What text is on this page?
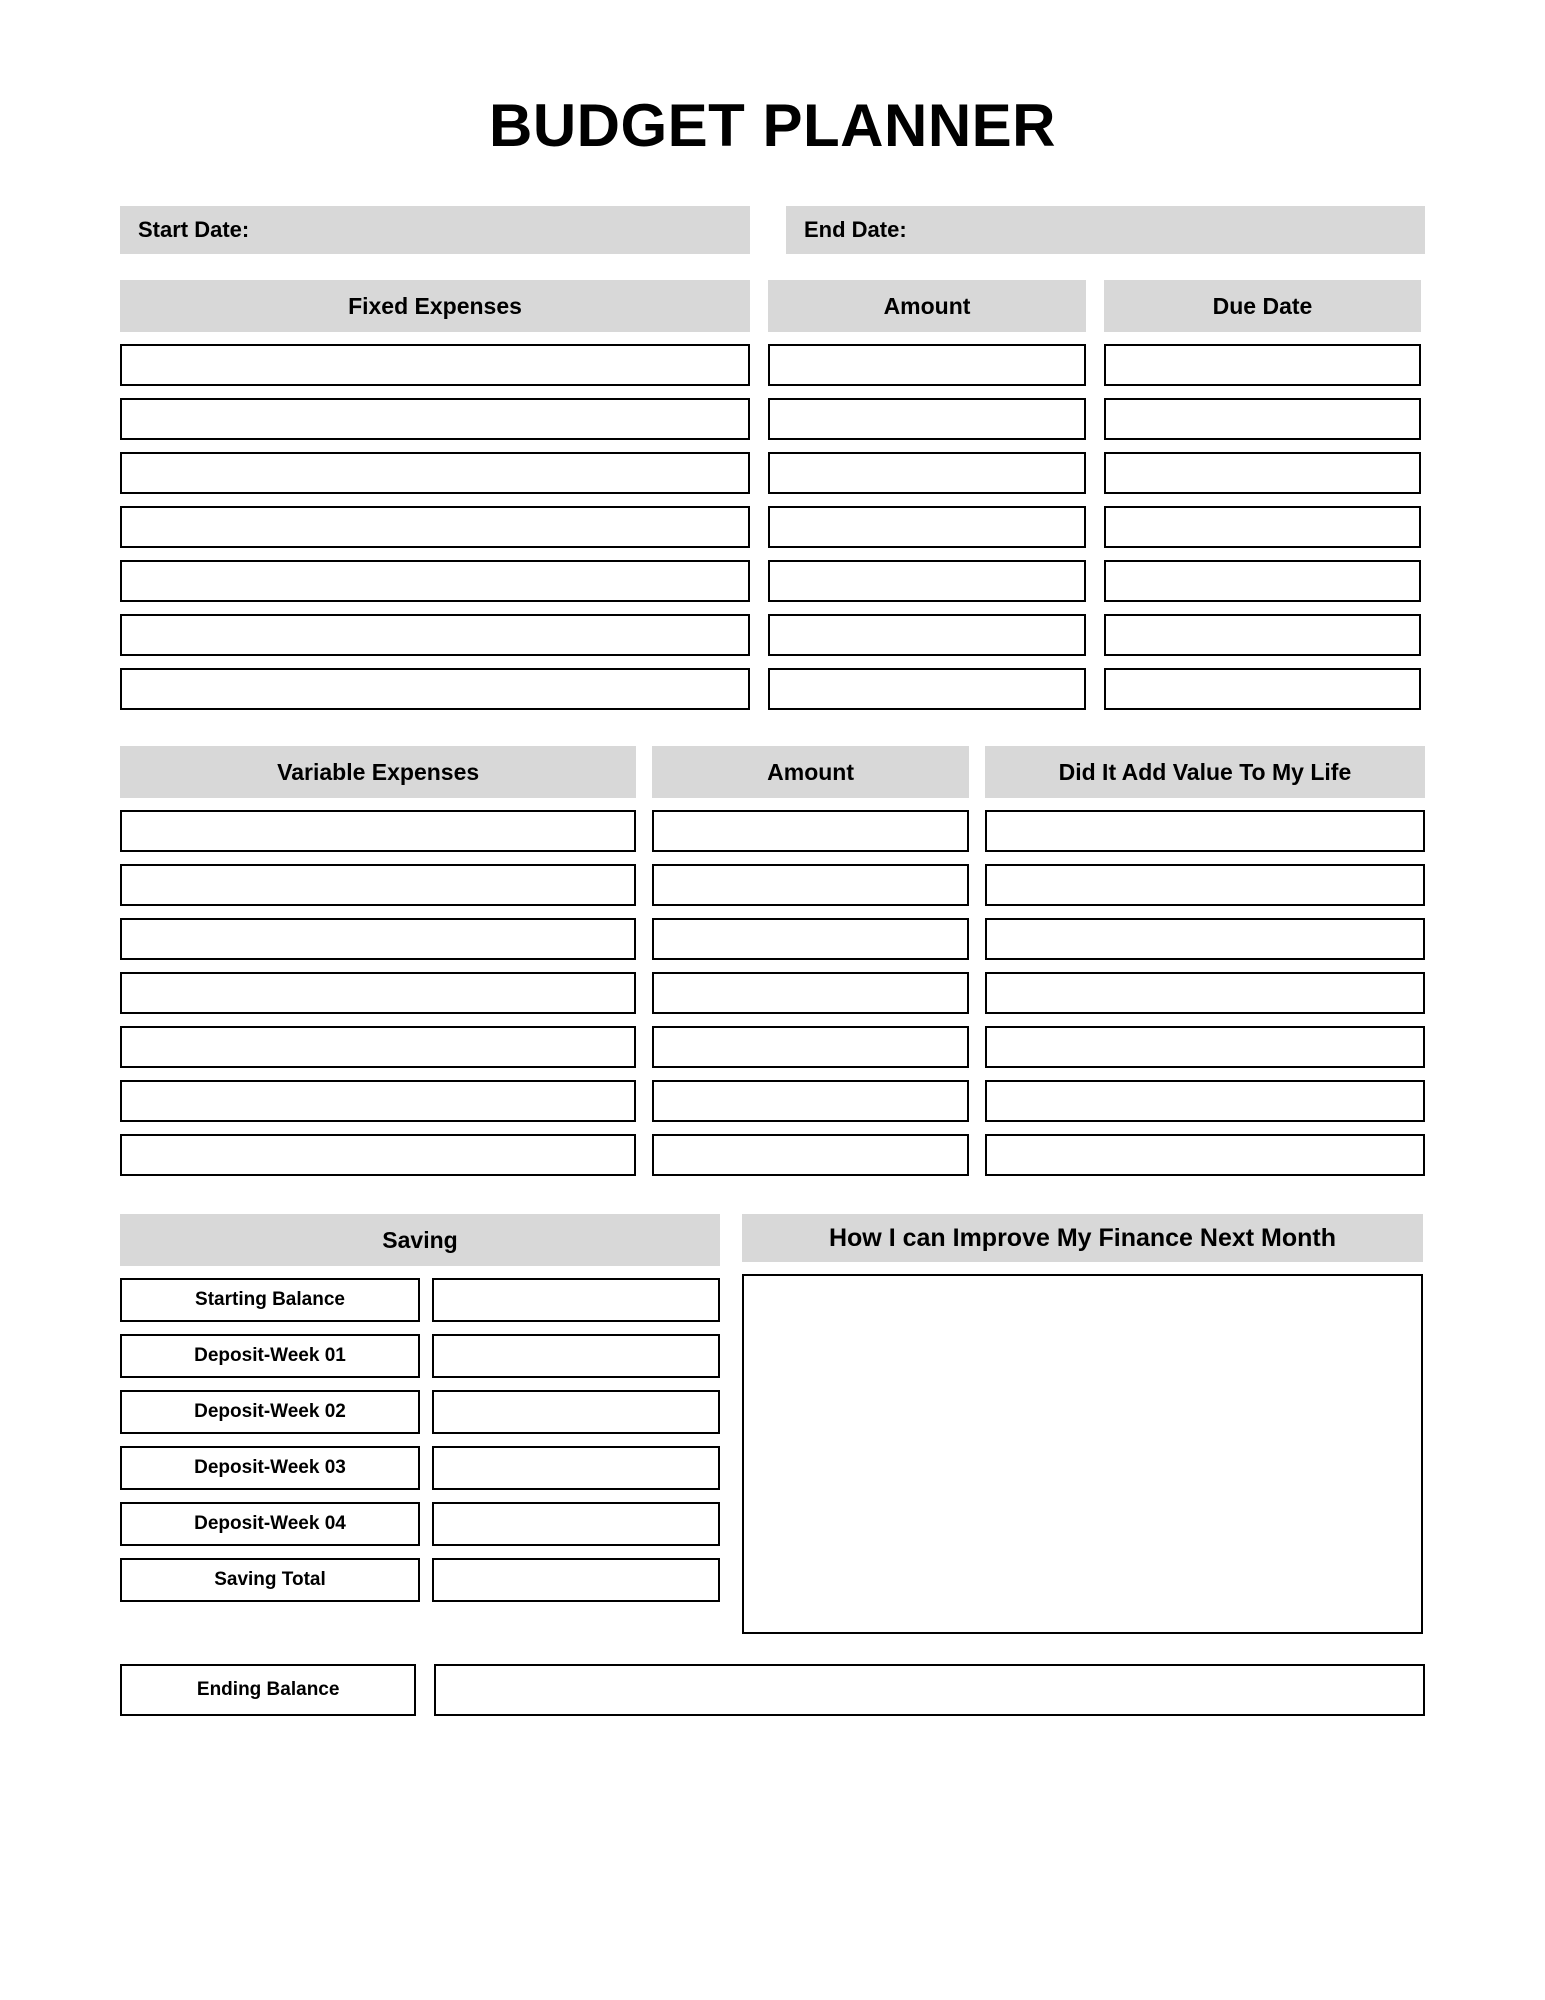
BUDGET PLANNER
Start Date:	End Date:
Fixed Expenses	Amount	Due Date
Variable Expenses	Amount	Did It Add Value To My Life
Saving
Starting Balance
Deposit-Week 01
Deposit-Week 02
Deposit-Week 03
Deposit-Week 04
Saving Total
How I can Improve My Finance Next Month
Ending Balance
